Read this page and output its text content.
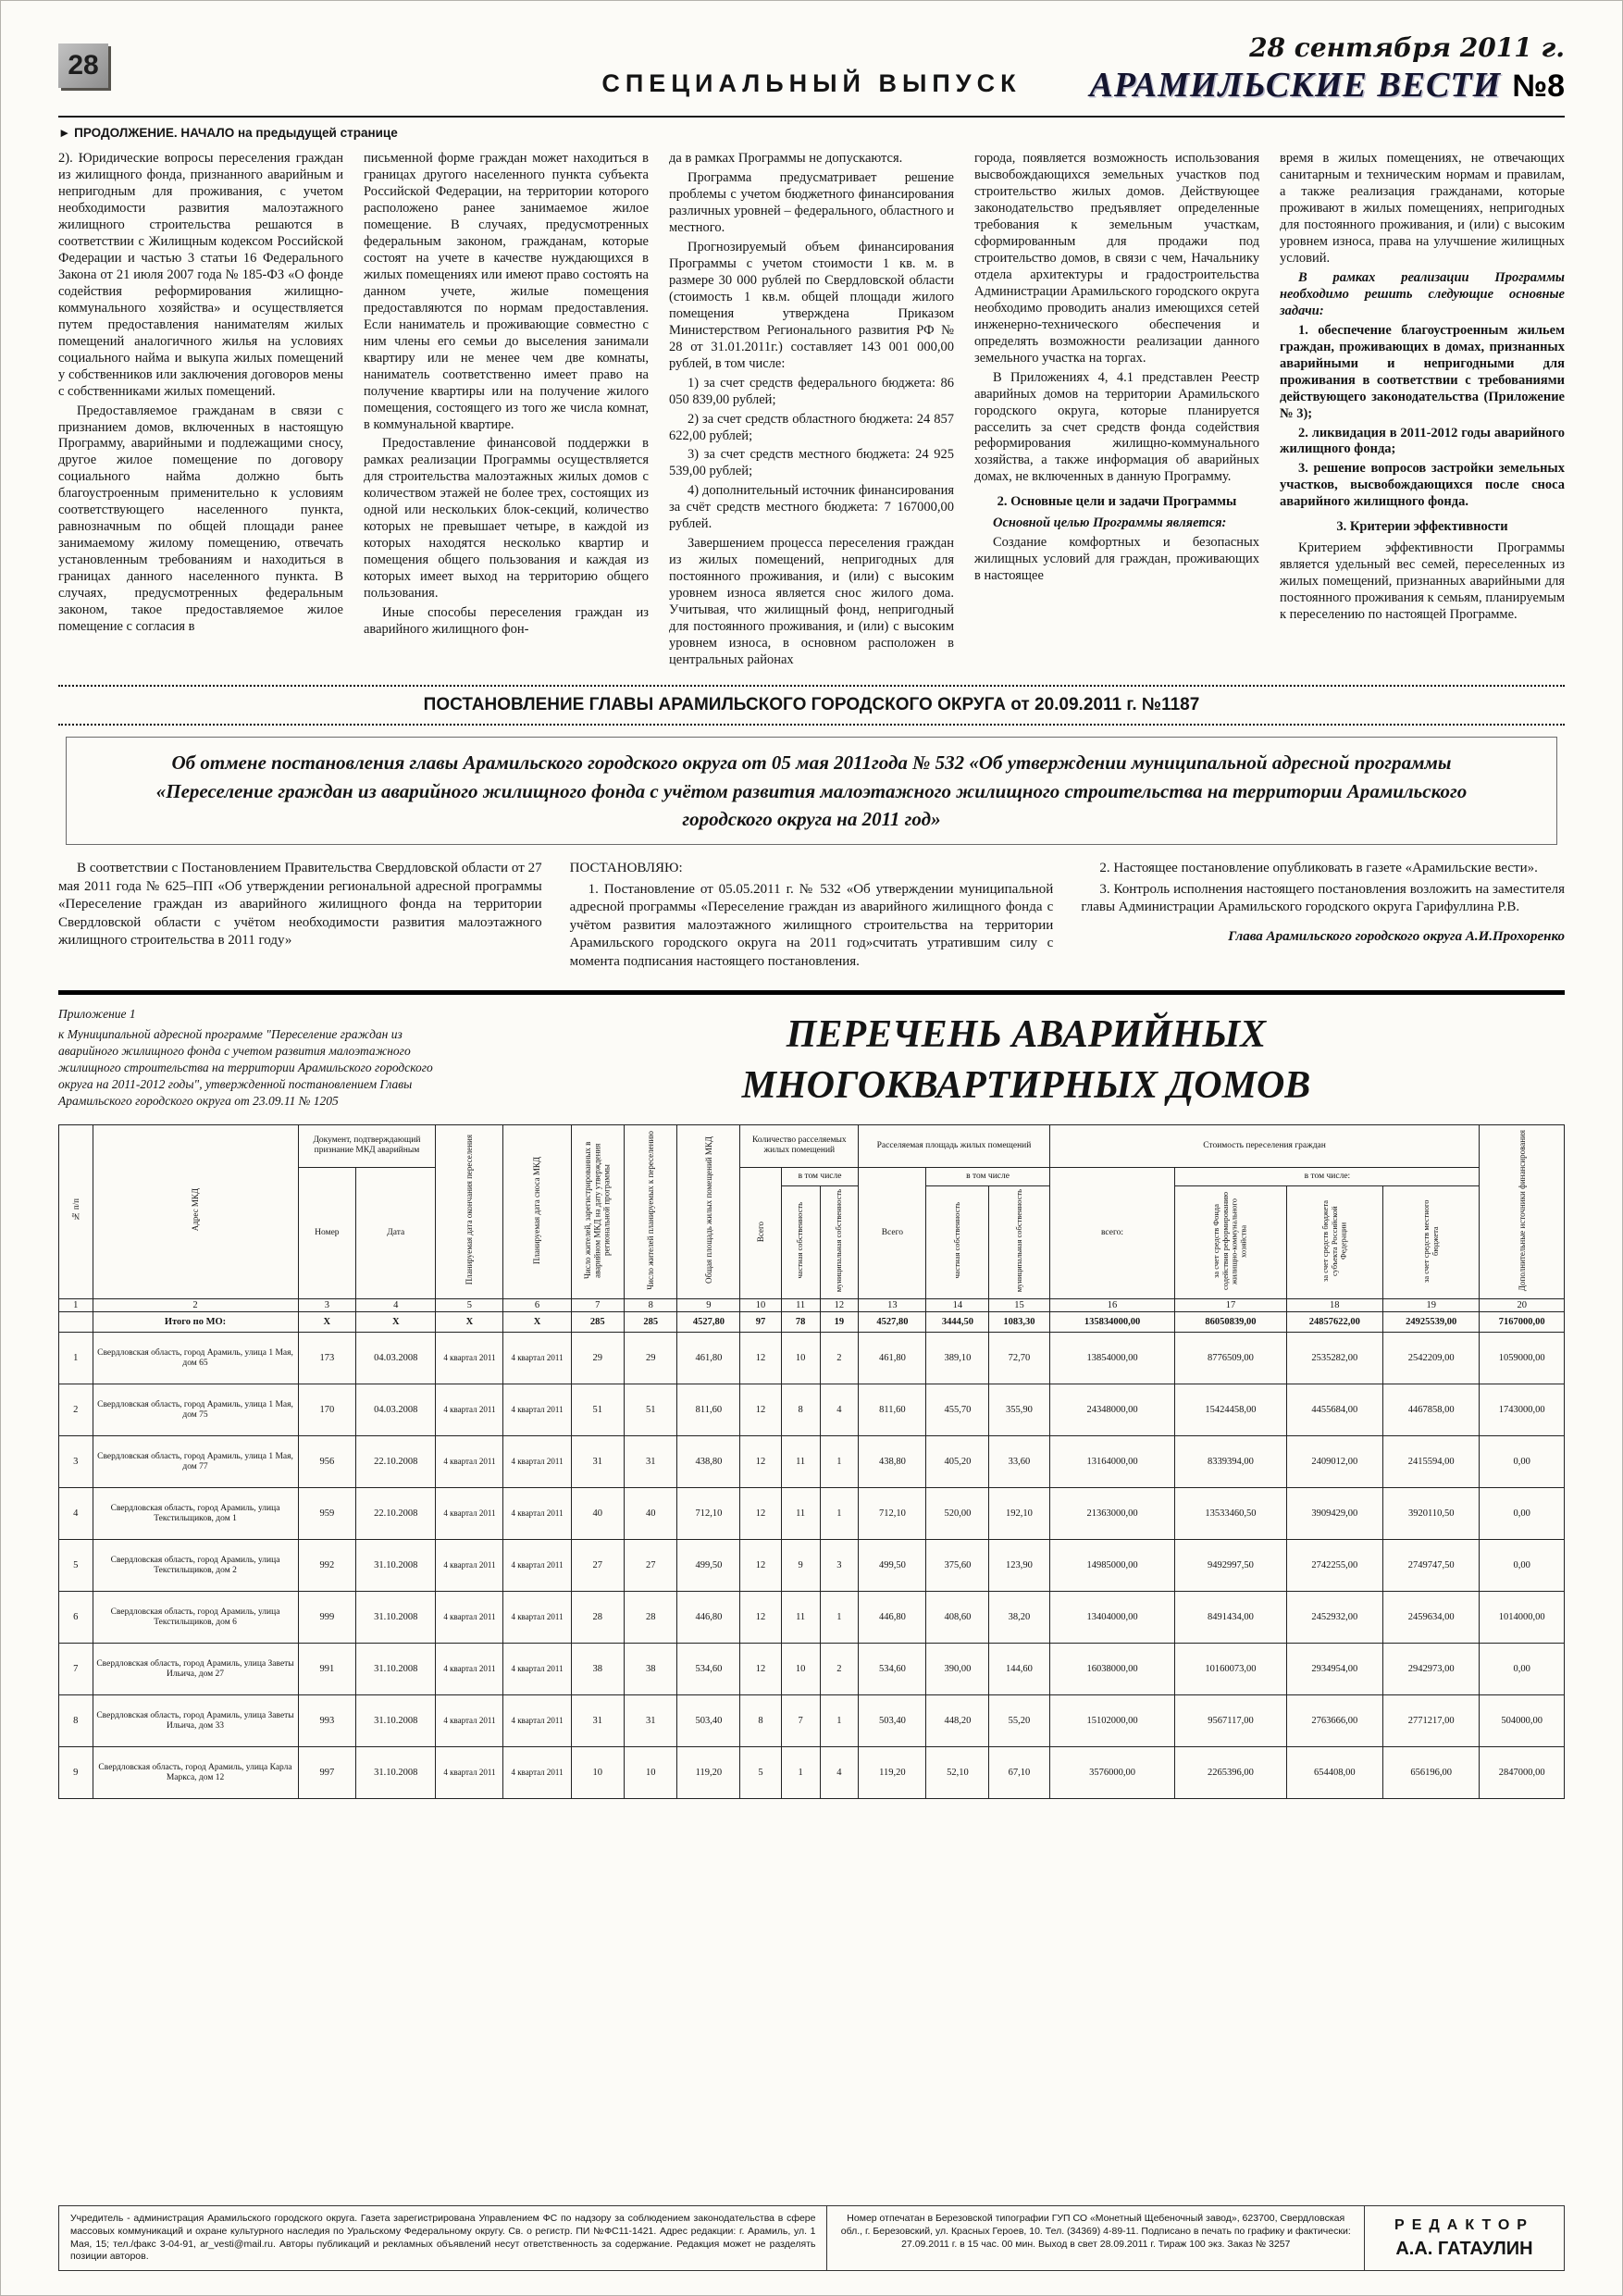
28
СПЕЦИАЛЬНЫЙ ВЫПУСК
28 сентября 2011 г.
АРАМИЛЬСКИЕ ВЕСТИ №8
► ПРОДОЛЖЕНИЕ. НАЧАЛО на предыдущей странице

2). Юридические вопросы переселения граждан из жилищного фонда, признанного аварийным и непригодным для проживания, с учетом необходимости развития малоэтажного жилищного строительства решаются в соответствии с Жилищным кодексом Российской Федерации и частью 3 статьи 16 Федерального Закона от 21 июля 2007 года № 185-ФЗ «О фонде содействия реформирования жилищно-коммунального хозяйства» и осуществляется путем предоставления нанимателям жилых помещений аналогичного жилья на условиях социального найма и выкупа жилых помещений у собственников или заключения договоров мены с собственниками жилых помещений.

Предоставляемое гражданам в связи с признанием домов, включенных в настоящую Программу, аварийными и подлежащими сносу, другое жилое помещение по договору социального найма должно быть благоустроенным применительно к условиям соответствующего населенного пункта, равнозначным по общей площади ранее занимаемому жилому помещению, отвечать установленным требованиям и находиться в границах данного населенного пункта. В случаях, предусмотренных федеральным законом, такое предоставляемое жилое помещение с согласия в

письменной форме граждан может находиться в границах другого населенного пункта субъекта Российской Федерации, на территории которого расположено ранее занимаемое жилое помещение. В случаях, предусмотренных федеральным законом, гражданам, которые состоят на учете в качестве нуждающихся в жилых помещениях или имеют право состоять на данном учете, жилые помещения предоставляются по нормам предоставления. Если наниматель и проживающие совместно с ним члены его семьи до выселения занимали квартиру или не менее чем две комнаты, наниматель соответственно имеет право на получение квартиры или на получение жилого помещения, состоящего из того же числа комнат, в коммунальной квартире.

Предоставление финансовой поддержки в рамках реализации Программы осуществляется для строительства малоэтажных жилых домов с количеством этажей не более трех, состоящих из одной или нескольких блок-секций, количество которых не превышает четыре, в каждой из которых находятся несколько квартир и помещения общего пользования и каждая из которых имеет выход на территорию общего пользования.

Иные способы переселения граждан из аварийного жилищного фон-

да в рамках Программы не допускаются.

Программа предусматривает решение проблемы с учетом бюджетного финансирования различных уровней – федерального, областного и местного.

Прогнозируемый объем финансирования Программы с учетом стоимости 1 кв. м. в размере 30 000 рублей по Свердловской области (стоимость 1 кв.м. общей площади жилого помещения утверждена Приказом Министерством Регионального развития РФ № 28 от 31.01.2011г.) составляет 143 001 000,00 рублей, в том числе:

1) за счет средств федерального бюджета: 86 050 839,00 рублей;

2) за счет средств областного бюджета: 24 857 622,00 рублей;

3) за счет средств местного бюджета: 24 925 539,00 рублей;

4) дополнительный источник финансирования за счёт средств местного бюджета: 7 167000,00 рублей.

Завершением процесса переселения граждан из жилых помещений, непригодных для постоянного проживания, и (или) с высоким уровнем износа является снос жилого дома. Учитывая, что жилищный фонд, непригодный для постоянного проживания, и (или) с высоким уровнем износа, в основном расположен в центральных районах

города, появляется возможность использования высвобождающихся земельных участков под строительство жилых домов. Действующее законодательство предъявляет определенные требования к земельным участкам, сформированным для продажи под строительство домов, в связи с чем, Начальнику отдела архитектуры и градостроительства Администрации Арамильского городского округа необходимо проводить анализ имеющихся сетей инженерно-технического обеспечения и определять возможности реализации данного земельного участка на торгах.

В Приложениях 4, 4.1 представлен Реестр аварийных домов на территории Арамильского городского округа, которые планируется расселить за счет средств фонда содействия реформирования жилищно-коммунального хозяйства, а также информация об аварийных домах, не включенных в данную Программу.

2. Основные цели и задачи Программы

Основной целью Программы является:

Создание комфортных и безопасных жилищных условий для граждан, проживающих в настоящее

время в жилых помещениях, не отвечающих санитарным и техническим нормам и правилам, а также реализация гражданами, которые проживают в жилых помещениях, непригодных для постоянного проживания, и (или) с высоким уровнем износа, права на улучшение жилищных условий.

В рамках реализации Программы необходимо решить следующие основные задачи:

1. обеспечение благоустроенным жильем граждан, проживающих в домах, признанных аварийными и непригодными для проживания в соответствии с требованиями действующего законодательства (Приложение № 3);

2. ликвидация в 2011-2012 годы аварийного жилищного фонда;

3. решение вопросов застройки земельных участков, высвобождающихся после сноса аварийного жилищного фонда.

3. Критерии эффективности

Критерием эффективности Программы является удельный вес семей, переселенных из жилых помещений, признанных аварийными для постоянного проживания к семьям, планируемым к переселению по настоящей Программе.

ПОСТАНОВЛЕНИЕ ГЛАВЫ АРАМИЛЬСКОГО ГОРОДСКОГО ОКРУГА от 20.09.2011 г. №1187
Об отмене постановления главы Арамильского городского округа от 05 мая 2011года № 532 «Об утверждении муниципальной адресной программы «Переселение граждан из аварийного жилищного фонда с учётом развития малоэтажного жилищного строительства на территории Арамильского городского округа на 2011 год»

В соответствии с Постановлением Правительства Свердловской области от 27 мая 2011 года № 625–ПП «Об утверждении региональной адресной программы «Переселение граждан из аварийного жилищного фонда на территории Свердловской области с учётом необходимости развития малоэтажного жилищного строительства в 2011 году»

ПОСТАНОВЛЯЮ:

1. Постановление от 05.05.2011 г. № 532 «Об утверждении муниципальной адресной программы «Переселение граждан из аварийного жилищного фонда с учётом развития малоэтажного жилищного строительства на территории Арамильского городского округа на 2011 год»считать утратившим силу с момента подписания настоящего постановления.

2. Настоящее постановление опубликовать в газете «Арамильские вести».

3. Контроль исполнения настоящего постановления возложить на заместителя главы Администрации Арамильского городского округа Гарифуллина Р.В.

Глава Арамильского городского округа А.И.Прохоренко

Приложение 1
к Муниципальной адресной программе "Переселение граждан из аварийного жилищного фонда с учетом развития малоэтажного жилищного строительства на территории Арамильского городского округа на 2011-2012 годы", утвержденной постановлением Главы Арамильского городского округа от 23.09.11 № 1205
ПЕРЕЧЕНЬ АВАРИЙНЫХ
МНОГОКВАРТИРНЫХ ДОМОВ
№ п/п	Адрес МКД	Документ, подтверждающий признание МКД аварийным		Планируемая дата окончания переселения	Планируемая дата сноса МКД	Число жителей, зарегистрированных в аварийном МКД на дату утверждения региональной программы	Число жителей планируемых к переселению	Общая площадь жилых помещений МКД	Количество расселяемых жилых помещений			Расселяемая площадь жилых помещений			Стоимость переселения граждан				Дополнительные источники финансирования
		Номер	Дата						Всего	в том числе		Всего	в том числе		всего:	в том числе:			
										частная собственность	муниципальная собственность		частная собственность	муниципальная собственность		за счет средств Фонда содействия реформированию жилищно-коммунального хозяйства	за счет средств бюджета субъекта Российской Федерации	за счет средств местного бюджета	
1	2	3	4	5	6	7	8	9	10	11	12	13	14	15	16	17	18	19	20
	Итого по МО:	X	X	X	X	285	285	4527,80	97	78	19	4527,80	3444,50	1083,30	135834000,00	86050839,00	24857622,00	24925539,00	7167000,00
1	Свердловская область, город Арамиль, улица 1 Мая, дом 65	173	04.03.2008	4 квартал 2011	4 квартал 2011	29	29	461,80	12	10	2	461,80	389,10	72,70	13854000,00	8776509,00	2535282,00	2542209,00	1059000,00
2	Свердловская область, город Арамиль, улица 1 Мая, дом 75	170	04.03.2008	4 квартал 2011	4 квартал 2011	51	51	811,60	12	8	4	811,60	455,70	355,90	24348000,00	15424458,00	4455684,00	4467858,00	1743000,00
3	Свердловская область, город Арамиль, улица 1 Мая, дом 77	956	22.10.2008	4 квартал 2011	4 квартал 2011	31	31	438,80	12	11	1	438,80	405,20	33,60	13164000,00	8339394,00	2409012,00	2415594,00	0,00
4	Свердловская область, город Арамиль, улица Текстильщиков, дом 1	959	22.10.2008	4 квартал 2011	4 квартал 2011	40	40	712,10	12	11	1	712,10	520,00	192,10	21363000,00	13533460,50	3909429,00	3920110,50	0,00
5	Свердловская область, город Арамиль, улица Текстильщиков, дом 2	992	31.10.2008	4 квартал 2011	4 квартал 2011	27	27	499,50	12	9	3	499,50	375,60	123,90	14985000,00	9492997,50	2742255,00	2749747,50	0,00
6	Свердловская область, город Арамиль, улица Текстильщиков, дом 6	999	31.10.2008	4 квартал 2011	4 квартал 2011	28	28	446,80	12	11	1	446,80	408,60	38,20	13404000,00	8491434,00	2452932,00	2459634,00	1014000,00
7	Свердловская область, город Арамиль, улица Заветы Ильича, дом 27	991	31.10.2008	4 квартал 2011	4 квартал 2011	38	38	534,60	12	10	2	534,60	390,00	144,60	16038000,00	10160073,00	2934954,00	2942973,00	0,00
8	Свердловская область, город Арамиль, улица Заветы Ильича, дом 33	993	31.10.2008	4 квартал 2011	4 квартал 2011	31	31	503,40	8	7	1	503,40	448,20	55,20	15102000,00	9567117,00	2763666,00	2771217,00	504000,00
9	Свердловская область, город Арамиль, улица Карла Маркса, дом 12	997	31.10.2008	4 квартал 2011	4 квартал 2011	10	10	119,20	5	1	4	119,20	52,10	67,10	3576000,00	2265396,00	654408,00	656196,00	2847000,00
Учредитель - администрация Арамильского городского округа. Газета зарегистрирована Управлением ФС по надзору за соблюдением законодательства в сфере массовых коммуникаций и охране культурного наследия по Уральскому Федеральному округу. Св. о регистр. ПИ №ФС11-1421. Адрес редакции: г. Арамиль, ул. 1 Мая, 15; тел./факс 3-04-91, ar_vesti@mail.ru. Авторы публикаций и рекламных объявлений несут ответственность за содержание. Редакция может не разделять позиции авторов.
Номер отпечатан в Березовской типографии ГУП СО «Монетный Щебеночный завод», 623700, Свердловская обл., г. Березовский, ул. Красных Героев, 10. Тел. (34369) 4-89-11. Подписано в печать по графику и фактически: 27.09.2011 г. в 15 час. 00 мин. Выход в свет 28.09.2011 г. Тираж 100 экз. Заказ № 3257
РЕДАКТОР
А.А. ГАТАУЛИН
